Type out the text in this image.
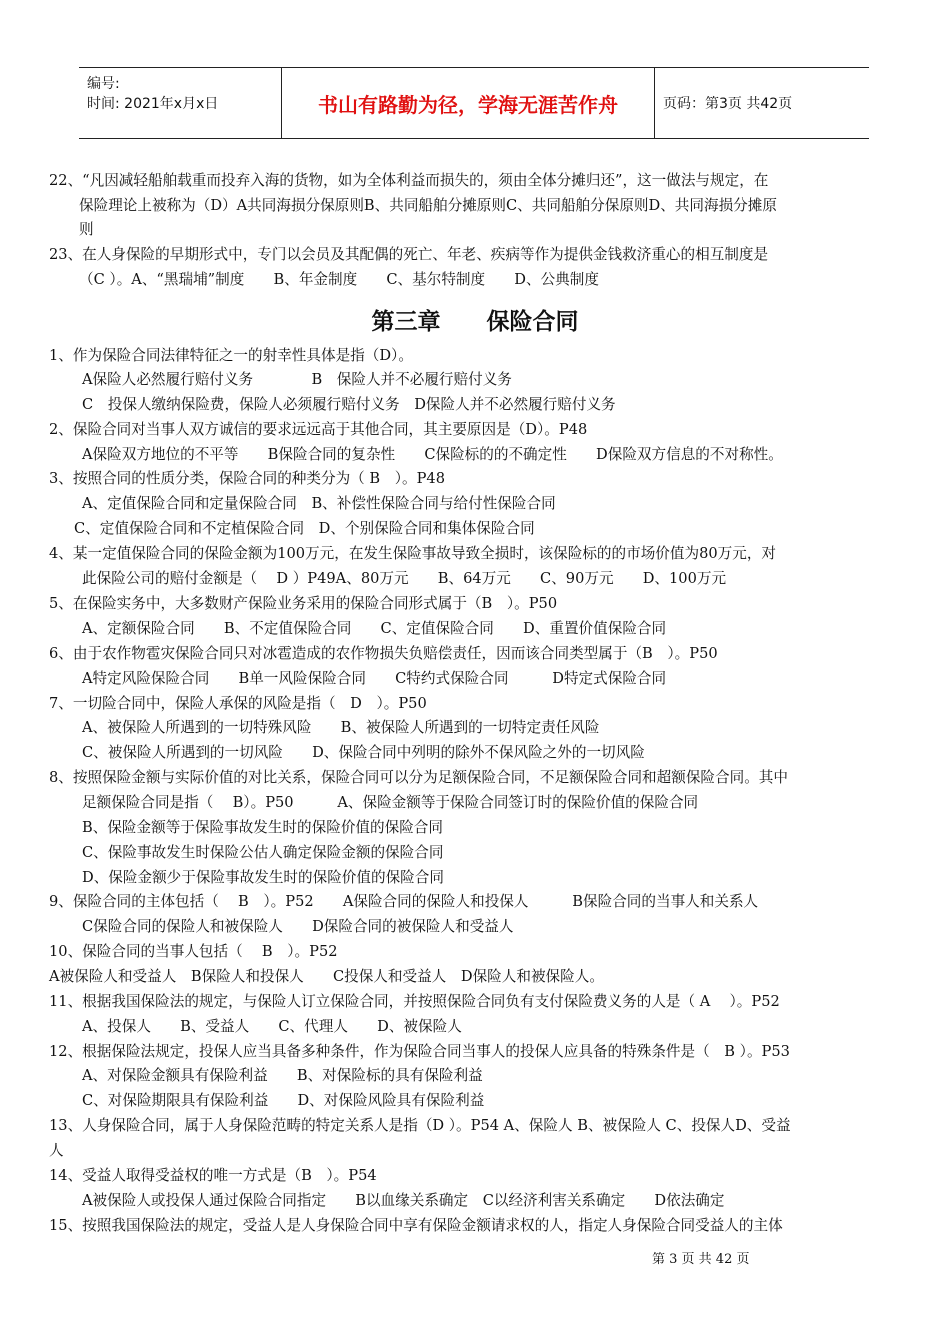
编号:
时间: 2021年x月x日	书山有路勤为径，学海无涯苦作舟	页码：第3页 共42页
22、“凡因减轻船舶载重而投弃入海的货物，如为全体利益而损失的，须由全体分摊归还”，这一做法与规定，在
保险理论上被称为（D）A共同海损分保原则B、共同船舶分摊原则C、共同船舶分保原则D、共同海损分摊原
则
23、在人身保险的早期形式中，专门以会员及其配偶的死亡、年老、疾病等作为提供金钱救济重心的相互制度是
（C ）。A、“黑瑞埔”制度　　B、年金制度　　C、基尔特制度　　D、公典制度
第三章　　保险合同
1、作为保险合同法律特征之一的射幸性具体是指（D）。
A保险人必然履行赔付义务　　　　B　保险人并不必履行赔付义务
C　投保人缴纳保险费，保险人必须履行赔付义务　D保险人并不必然履行赔付义务
2、保险合同对当事人双方诚信的要求远远高于其他合同，其主要原因是（D）。P48
A保险双方地位的不平等　　B保险合同的复杂性　　C保险标的的不确定性　　D保险双方信息的不对称性。
3、按照合同的性质分类，保险合同的种类分为（ B　）。P48
A、定值保险合同和定量保险合同　B、补偿性保险合同与给付性保险合同
C、定值保险合同和不定植保险合同　D、个别保险合同和集体保险合同
4、某一定值保险合同的保险金额为100万元，在发生保险事故导致全损时，该保险标的的市场价值为80万元，对
此保险公司的赔付金额是（　 D ）P49A、80万元　　B、64万元　　C、90万元　　D、100万元
5、在保险实务中，大多数财产保险业务采用的保险合同形式属于（B　）。P50
A、定额保险合同　　B、不定值保险合同　　C、定值保险合同　　D、重置价值保险合同
6、由于农作物雹灾保险合同只对冰雹造成的农作物损失负赔偿责任，因而该合同类型属于（B　）。P50
A特定风险保险合同　　B单一风险保险合同　　C特约式保险合同　　　D特定式保险合同
7、一切险合同中，保险人承保的风险是指（　D　）。P50
A、被保险人所遇到的一切特殊风险　　B、被保险人所遇到的一切特定责任风险
C、被保险人所遇到的一切风险　　D、保险合同中列明的除外不保风险之外的一切风险
8、按照保险金额与实际价值的对比关系，保险合同可以分为足额保险合同，不足额保险合同和超额保险合同。其中
足额保险合同是指（　 B）。P50　　　A、保险金额等于保险合同签订时的保险价值的保险合同
B、保险金额等于保险事故发生时的保险价值的保险合同
C、保险事故发生时保险公估人确定保险金额的保险合同
D、保险金额少于保险事故发生时的保险价值的保险合同
9、保险合同的主体包括（　 B　）。P52　　A保险合同的保险人和投保人　　　B保险合同的当事人和关系人
C保险合同的保险人和被保险人　　D保险合同的被保险人和受益人
10、保险合同的当事人包括（　 B　）。P52
A被保险人和受益人　B保险人和投保人　　C投保人和受益人　D保险人和被保险人。
11、根据我国保险法的规定，与保险人订立保险合同，并按照保险合同负有支付保险费义务的人是（ A　 ）。P52
A、投保人　　B、受益人　　C、代理人　　D、被保险人
12、根据保险法规定，投保人应当具备多种条件，作为保险合同当事人的投保人应具备的特殊条件是（　B ）。P53
A、对保险金额具有保险利益　　B、对保险标的具有保险利益
C、对保险期限具有保险利益　　D、对保险风险具有保险利益
13、人身保险合同，属于人身保险范畴的特定关系人是指（D ）。P54 A、保险人 B、被保险人 C、投保人D、受益
人
14、受益人取得受益权的唯一方式是（B　）。P54
A被保险人或投保人通过保险合同指定　　B以血缘关系确定　C以经济利害关系确定　　D依法确定
15、按照我国保险法的规定，受益人是人身保险合同中享有保险金额请求权的人，指定人身保险合同受益人的主体
第 3 页 共 42 页
